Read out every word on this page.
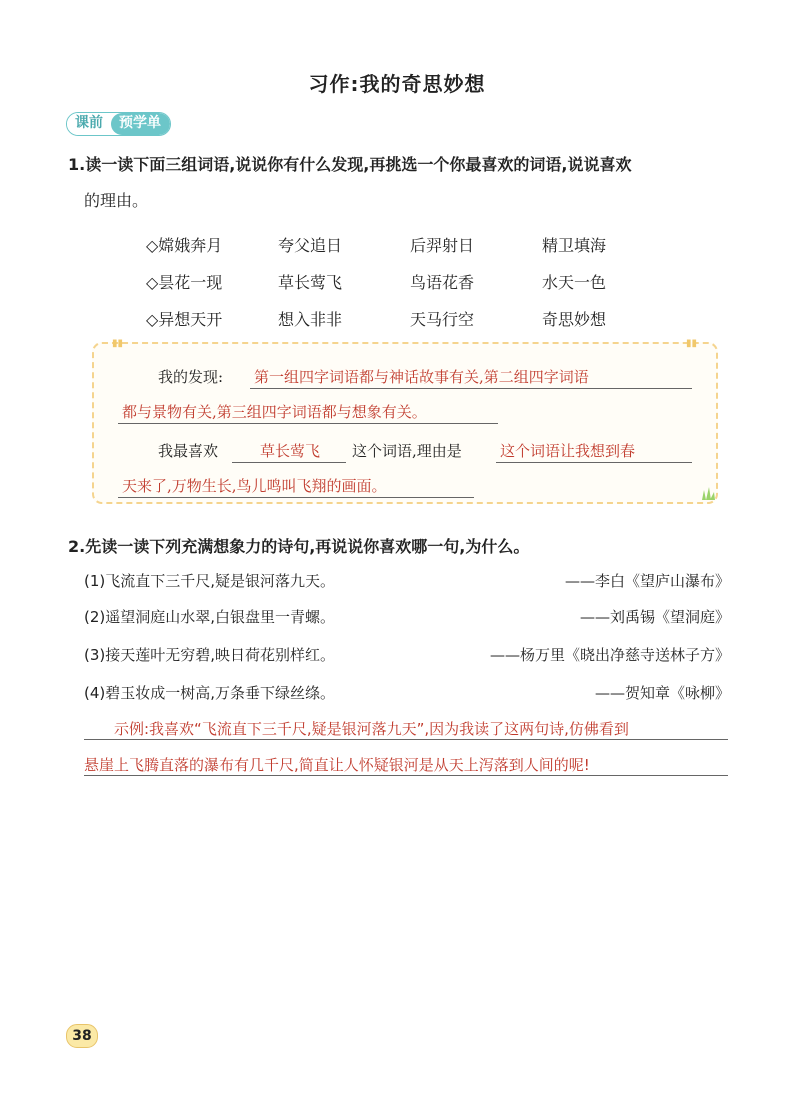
习作:我的奇思妙想
课前	预学单
1.读一读下面三组词语,说说你有什么发现,再挑选一个你最喜欢的词语,说说喜欢
的理由。
◇嫦娥奔月	夸父追日	后羿射日	精卫填海
◇昙花一现	草长莺飞	鸟语花香	水天一色
◇异想天开	想入非非	天马行空	奇思妙想
▮▮	▮▮
我的发现: 第一组四字词语都与神话故事有关,第二组四字词语
都与景物有关,第三组四字词语都与想象有关。
我最喜欢	草长莺飞	这个词语,理由是	这个词语让我想到春
天来了,万物生长,鸟儿鸣叫飞翔的画面。
2.先读一读下列充满想象力的诗句,再说说你喜欢哪一句,为什么。
(1)飞流直下三千尺,疑是银河落九天。	——李白《望庐山瀑布》
(2)遥望洞庭山水翠,白银盘里一青螺。	——刘禹锡《望洞庭》
(3)接天莲叶无穷碧,映日荷花别样红。	——杨万里《晓出净慈寺送林子方》
(4)碧玉妆成一树高,万条垂下绿丝绦。	——贺知章《咏柳》
　　示例:我喜欢“飞流直下三千尺,疑是银河落九天”,因为我读了这两句诗,仿佛看到
悬崖上飞腾直落的瀑布有几千尺,简直让人怀疑银河是从天上泻落到人间的呢!
38
